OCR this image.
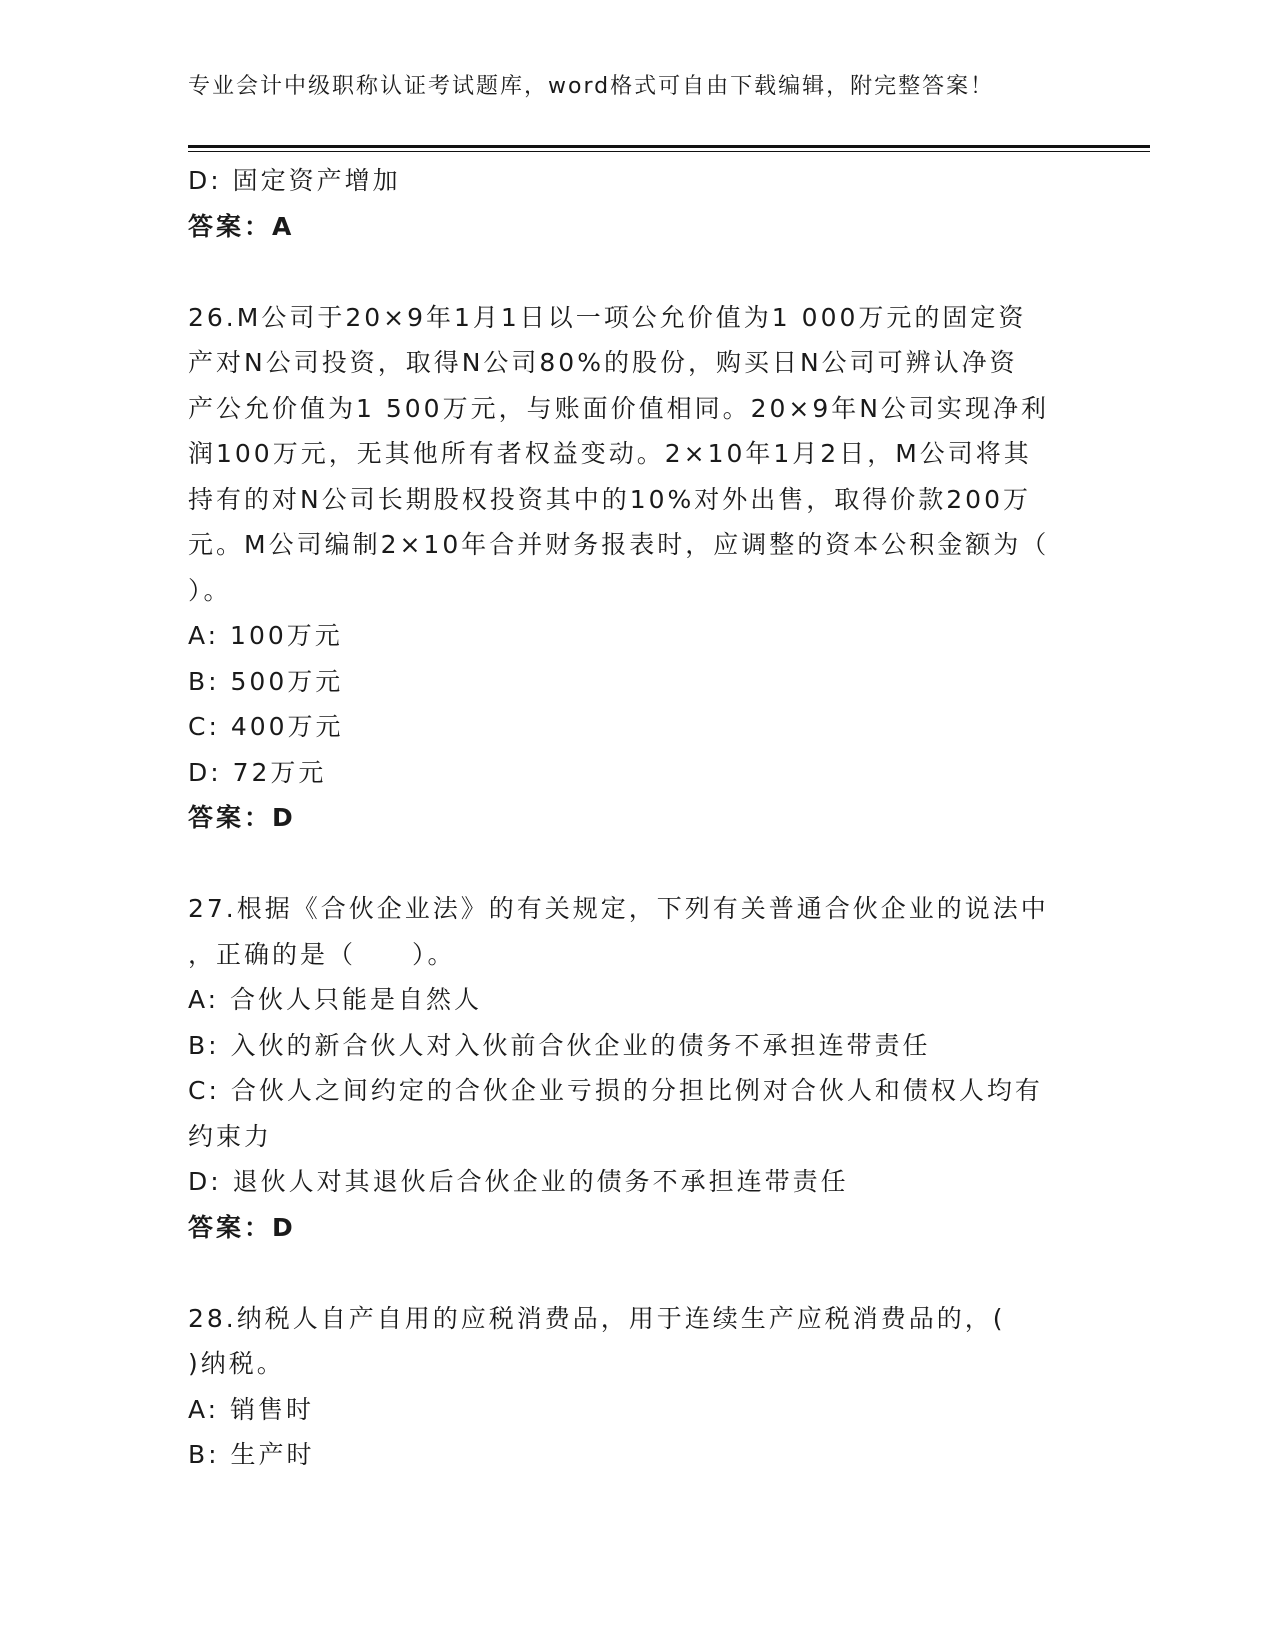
专业会计中级职称认证考试题库，word格式可自由下载编辑，附完整答案！
D: 固定资产增加
答案：A
26.M公司于20×9年1月1日以一项公允价值为1 000万元的固定资
产对N公司投资，取得N公司80%的股份，购买日N公司可辨认净资
产公允价值为1 500万元，与账面价值相同。20×9年N公司实现净利
润100万元，无其他所有者权益变动。2×10年1月2日，M公司将其
持有的对N公司长期股权投资其中的10%对外出售，取得价款200万
元。M公司编制2×10年合并财务报表时，应调整的资本公积金额为（
）。
A: 100万元
B: 500万元
C: 400万元
D: 72万元
答案：D
27.根据《合伙企业法》的有关规定，下列有关普通合伙企业的说法中
，正确的是（　　）。
A: 合伙人只能是自然人
B: 入伙的新合伙人对入伙前合伙企业的债务不承担连带责任
C: 合伙人之间约定的合伙企业亏损的分担比例对合伙人和债权人均有
约束力
D: 退伙人对其退伙后合伙企业的债务不承担连带责任
答案：D
28.纳税人自产自用的应税消费品，用于连续生产应税消费品的，(
)纳税。
A: 销售时
B: 生产时
